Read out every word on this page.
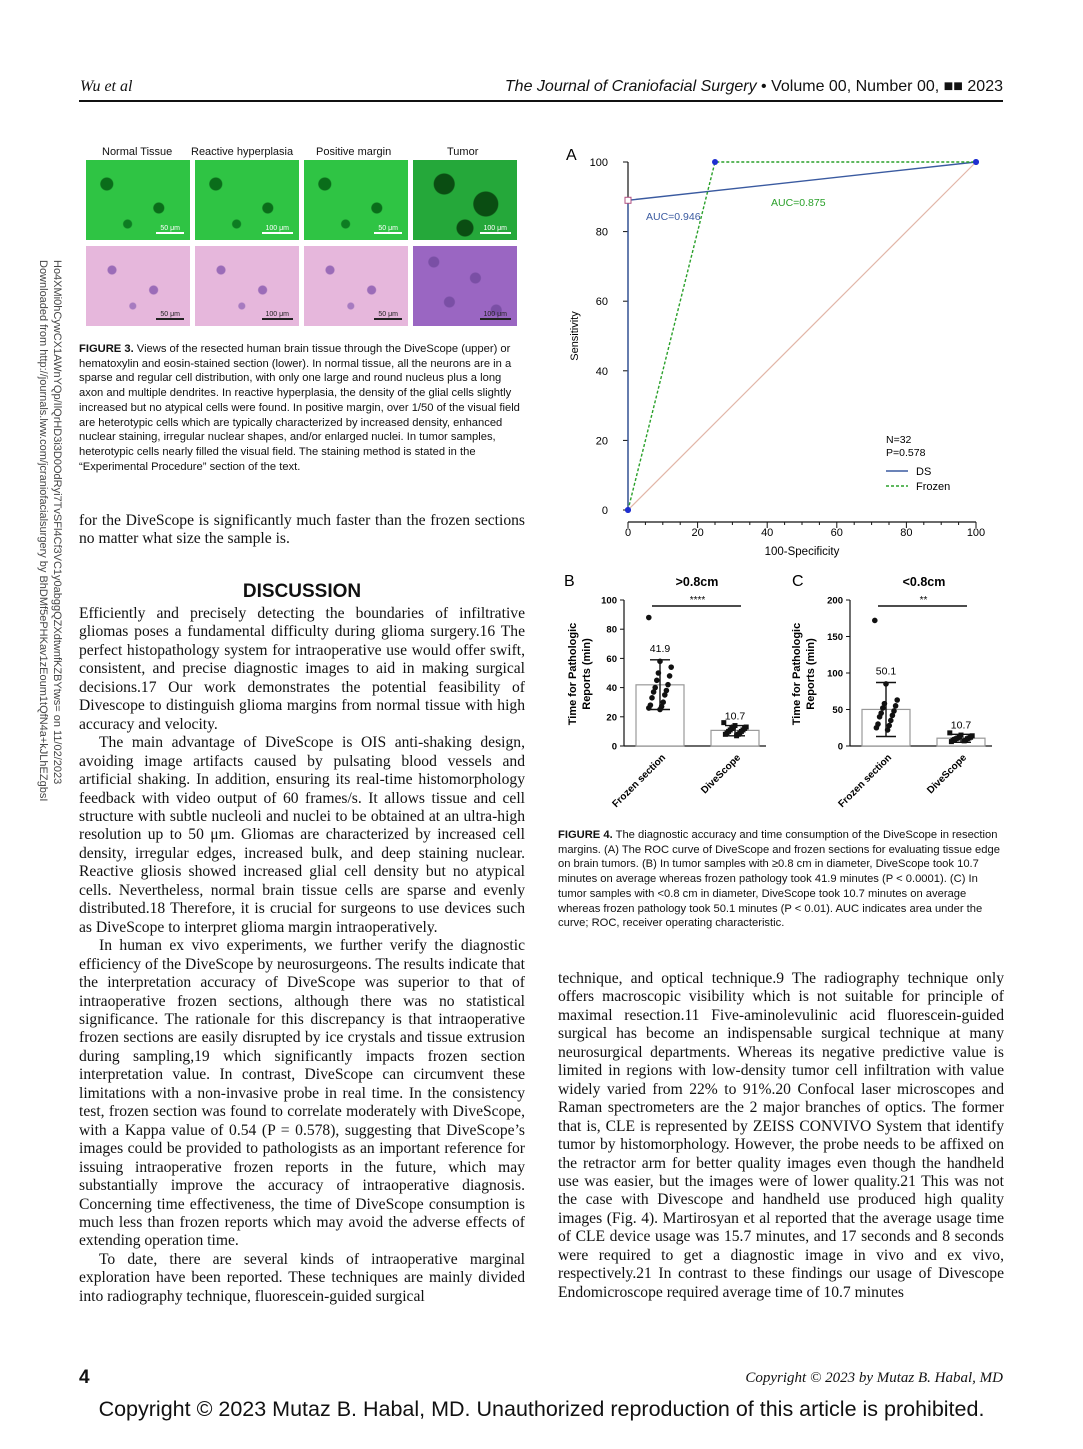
Wu et al	The Journal of Craniofacial Surgery • Volume 00, Number 00, ■■ 2023
Downloaded from http://journals.lww.com/jcraniofacialsurgery by BhDMf5ePHKav1zEoum1tQfN4a+kJLhEZgbsI Ho4XMi0hCywCX1AWnYQp/IlQrHD3i3D0OdRyi7TvSFl4Cf3VC1y0abggQZXdtwnfKZBYtws= on 11/02/2023
Normal Tissue Reactive hyperplasia Positive margin	Tumor
50 μm	100 μm	50 μm	100 μm
50 μm	100 μm	50 μm	100 μm
FIGURE 3. Views of the resected human brain tissue through the DiveScope (upper) or hematoxylin and eosin-stained section (lower). In normal tissue, all the neurons are in a sparse and regular cell distribution, with only one large and round nucleus plus a long axon and multiple dendrites. In reactive hyperplasia, the density of the glial cells slightly increased but no atypical cells were found. In positive margin, over 1/50 of the visual field are heterotypic cells which are typically characterized by increased density, enhanced nuclear staining, irregular nuclear shapes, and/or enlarged nuclei. In tumor samples, heterotypic cells nearly filled the visual field. The staining method is stated in the “Experimental Procedure” section of the text.

for the DiveScope is significantly much faster than the frozen sections no matter what size the sample is.

DISCUSSION

Efficiently and precisely detecting the boundaries of infiltrative gliomas poses a fundamental difficulty during glioma surgery.16 The perfect histopathology system for intraoperative use would offer swift, consistent, and precise diagnostic images to aid in making surgical decisions.17 Our work demonstrates the potential feasibility of Divescope to distinguish glioma margins from normal tissue with high accuracy and velocity.

The main advantage of DiveScope is OIS anti-shaking design, avoiding image artifacts caused by pulsating blood vessels and artificial shaking. In addition, ensuring its real-time histomorphology feedback with video output of 60 frames/s. It allows tissue and cell structure with subtle nucleoli and nuclei to be obtained at an ultra-high resolution up to 50 μm. Gliomas are characterized by increased cell density, irregular edges, increased bulk, and deep staining nuclear. Reactive gliosis showed increased glial cell density but no atypical cells. Nevertheless, normal brain tissue cells are sparse and evenly distributed.18 Therefore, it is crucial for surgeons to use devices such as DiveScope to interpret glioma margin intraoperatively.

In human ex vivo experiments, we further verify the diagnostic efficiency of the DiveScope by neurosurgeons. The results indicate that the interpretation accuracy of DiveScope was superior to that of intraoperative frozen sections, although there was no statistical significance. The rationale for this discrepancy is that intraoperative frozen sections are easily disrupted by ice crystals and tissue extrusion during sampling,19 which significantly impacts frozen section interpretation value. In contrast, DiveScope can circumvent these limitations with a non-invasive probe in real time. In the consistency test, frozen section was found to correlate moderately with DiveScope, with a Kappa value of 0.54 (P = 0.578), suggesting that DiveScope’s images could be provided to pathologists as an important reference for issuing intraoperative frozen reports in the future, which may substantially improve the accuracy of intraoperative diagnosis. Concerning time effectiveness, the time of DiveScope consumption is much less than frozen reports which may avoid the adverse effects of extending operation time.

To date, there are several kinds of intraoperative marginal exploration have been reported. These techniques are mainly divided into radiography technique, fluorescein-guided surgical

A
0
20
40
60
80
100
0	20	40	60	80	100
Sensitivity
100-Specificity
AUC=0.946
AUC=0.875
N=32
P=0.578
DS
Frozen
B	>0.8cm
Time for Pathologic Reports (min)
0
20
40
60
80
100
41.9
Frozen section
10.7
DiveScope
****
C	<0.8cm
Time for Pathologic Reports (min)
0
50
100
150
200
50.1
Frozen section
10.7
DiveScope
**
FIGURE 4. The diagnostic accuracy and time consumption of the DiveScope in resection margins. (A) The ROC curve of DiveScope and frozen sections for evaluating tissue edge on brain tumors. (B) In tumor samples with ≥0.8 cm in diameter, DiveScope took 10.7 minutes on average whereas frozen pathology took 41.9 minutes (P < 0.0001). (C) In tumor samples with <0.8 cm in diameter, DiveScope took 10.7 minutes on average whereas frozen pathology took 50.1 minutes (P < 0.01). AUC indicates area under the curve; ROC, receiver operating characteristic.

technique, and optical technique.9 The radiography technique only offers macroscopic visibility which is not suitable for principle of maximal resection.11 Five-aminolevulinic acid fluorescein-guided surgical has become an indispensable surgical technique at many neurosurgical departments. Whereas its negative predictive value is limited in regions with low-density tumor cell infiltration with value widely varied from 22% to 91%.20 Confocal laser microscopes and Raman spectrometers are the 2 major branches of optics. The former that is, CLE is represented by ZEISS CONVIVO System that identify tumor by histomorphology. However, the probe needs to be affixed on the retractor arm for better quality images even though the handheld use was easier, but the images were of lower quality.21 This was not the case with Divescope and handheld use produced high quality images (Fig. 4). Martirosyan et al reported that the average usage time of CLE device usage was 15.7 minutes, and 17 seconds and 8 seconds were required to get a diagnostic image in vivo and ex vivo, respectively.21 In contrast to these findings our usage of Divescope Endomicroscope required average time of 10.7 minutes

4	Copyright © 2023 by Mutaz B. Habal, MD
Copyright © 2023 Mutaz B. Habal, MD. Unauthorized reproduction of this article is prohibited.
